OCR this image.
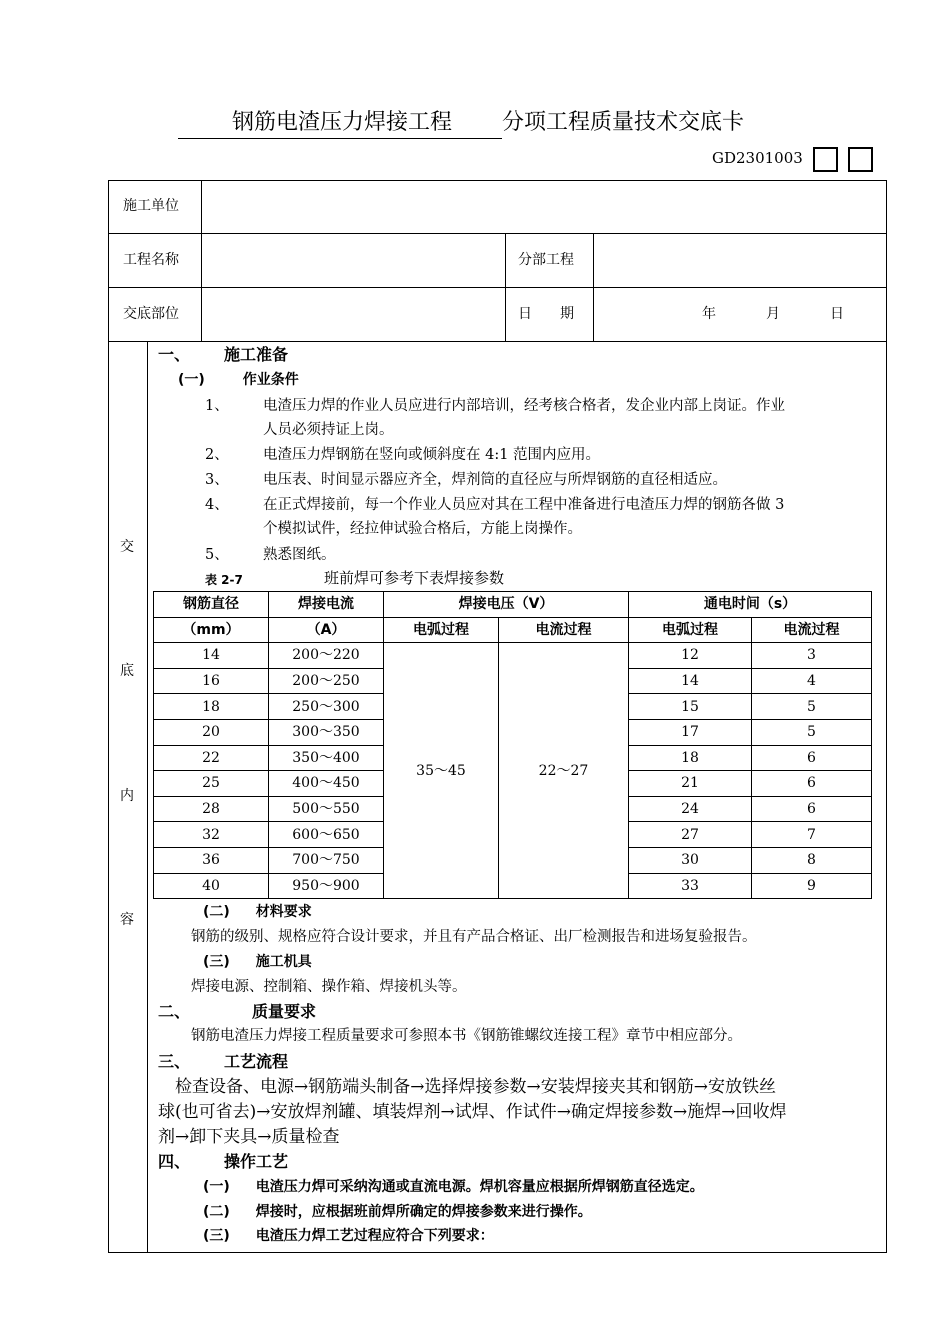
钢筋电渣压力焊接工程 分项工程质量技术交底卡
GD2301003
施工单位
工程名称	分部工程
交底部位	日　　期	年	月	日
交
底
内
容
一、 施工准备
(一)	作业条件
1、 电渣压力焊的作业人员应进行内部培训，经考核合格者，发企业内部上岗证。作业
人员必须持证上岗。
2、 电渣压力焊钢筋在竖向或倾斜度在 4:1 范围内应用。
3、 电压表、时间显示器应齐全，焊剂筒的直径应与所焊钢筋的直径相适应。
4、 在正式焊接前，每一个作业人员应对其在工程中准备进行电渣压力焊的钢筋各做 3
个模拟试件，经拉伸试验合格后，方能上岗操作。
5、 熟悉图纸。
表 2-7	班前焊可参考下表焊接参数
钢筋直径	焊接电流	焊接电压（V）		通电时间（s）	
（mm）	（A）	电弧过程	电流过程	电弧过程	电流过程
14	200～220	35～45	22～27	12	3
16	200～250			14	4
18	250～300			15	5
20	300～350			17	5
22	350～400			18	6
25	400～450			21	6
28	500～550			24	6
32	600～650			27	7
36	700～750			30	8
40	950～900			33	9
(二) 材料要求
钢筋的级别、规格应符合设计要求，并且有产品合格证、出厂检测报告和进场复验报告。
(三) 施工机具
焊接电源、控制箱、操作箱、焊接机头等。
二、	质量要求
钢筋电渣压力焊接工程质量要求可参照本书《钢筋锥螺纹连接工程》章节中相应部分。
三、 工艺流程
　检查设备、电源→钢筋端头制备→选择焊接参数→安装焊接夹其和钢筋→安放铁丝
球(也可省去)→安放焊剂罐、填装焊剂→试焊、作试件→确定焊接参数→施焊→回收焊
剂→卸下夹具→质量检查
四、 操作工艺
(一) 电渣压力焊可采纳沟通或直流电源。焊机容量应根据所焊钢筋直径选定。
(二) 焊接时，应根据班前焊所确定的焊接参数来进行操作。
(三) 电渣压力焊工艺过程应符合下列要求：
